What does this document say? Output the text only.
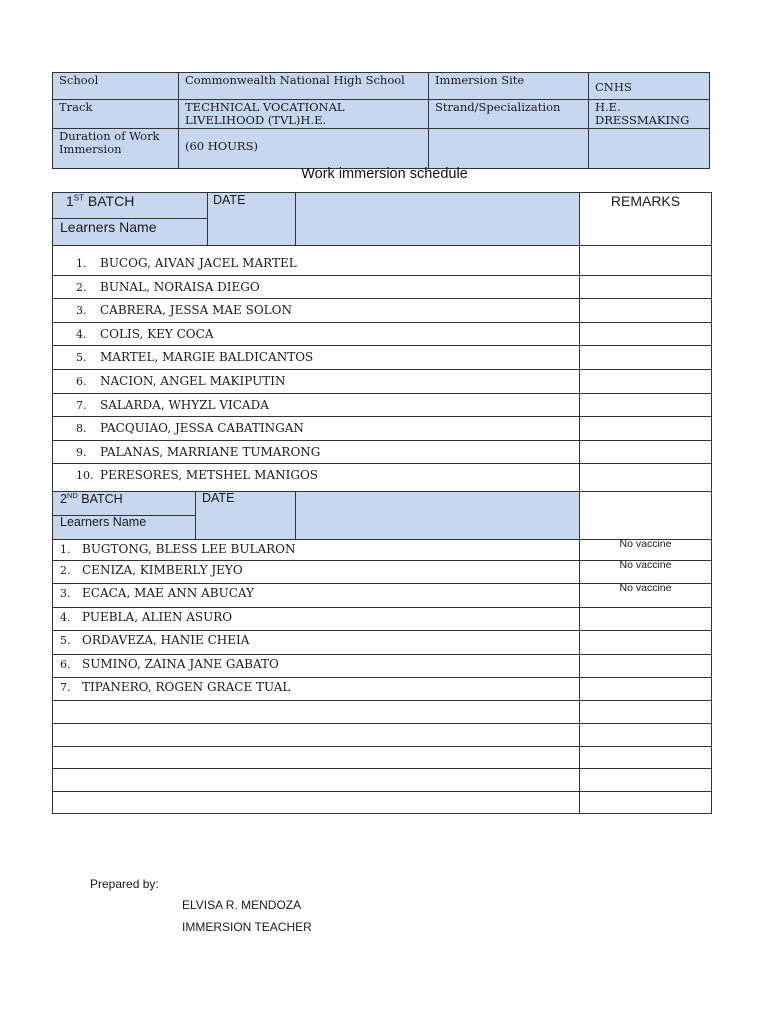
School	Commonwealth National High School	Immersion Site	CNHS
Track	TECHNICAL VOCATIONAL LIVELIHOOD (TVL)H.E.	Strand/Specialization	H.E. DRESSMAKING
Duration of Work Immersion	(60 HOURS)		
Work immersion schedule
1ST BATCH
Learners Name
DATE	REMARKS
1. BUCOG, AIVAN JACEL MARTEL
2. BUNAL, NORAISA DIEGO
3. CABRERA, JESSA MAE SOLON
4. COLIS, KEY COCA
5. MARTEL, MARGIE BALDICANTOS
6. NACION, ANGEL MAKIPUTIN
7. SALARDA, WHYZL VICADA
8. PACQUIAO, JESSA CABATINGAN
9. PALANAS, MARRIANE TUMARONG
10. PERESORES, METSHEL MANIGOS
2ND BATCH
Learners Name
DATE
1. BUGTONG, BLESS LEE BULARON	No vaccine
2. CENIZA, KIMBERLY JEYO	No vaccine
3. ECACA, MAE ANN ABUCAY	No vaccine
4. PUEBLA, ALIEN ASURO
5. ORDAVEZA, HANIE CHEIA
6. SUMINO, ZAINA JANE GABATO
7. TIPANERO, ROGEN GRACE TUAL
Prepared by:
ELVISA R. MENDOZA
IMMERSION TEACHER
